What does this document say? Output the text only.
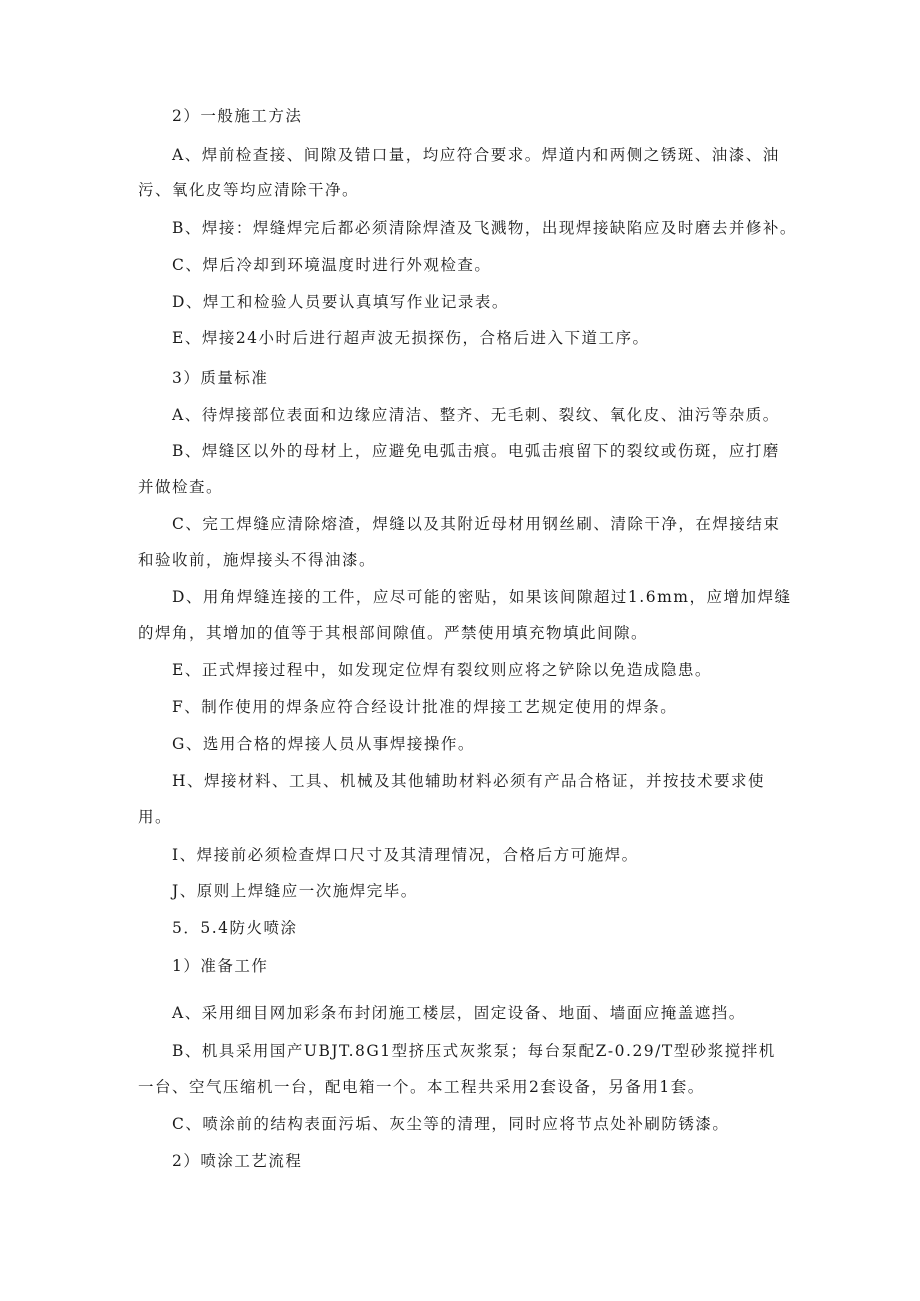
2）一般施工方法
A、焊前检查接、间隙及错口量，均应符合要求。焊道内和两侧之锈斑、油漆、油
污、氧化皮等均应清除干净。
B、焊接：焊缝焊完后都必须清除焊渣及飞溅物，出现焊接缺陷应及时磨去并修补。
C、焊后冷却到环境温度时进行外观检查。
D、焊工和检验人员要认真填写作业记录表。
E、焊接24小时后进行超声波无损探伤，合格后进入下道工序。
3）质量标准
A、待焊接部位表面和边缘应清洁、整齐、无毛刺、裂纹、氧化皮、油污等杂质。
B、焊缝区以外的母材上，应避免电弧击痕。电弧击痕留下的裂纹或伤斑，应打磨
并做检查。
C、完工焊缝应清除熔渣，焊缝以及其附近母材用钢丝刷、清除干净，在焊接结束
和验收前，施焊接头不得油漆。
D、用角焊缝连接的工件，应尽可能的密贴，如果该间隙超过1.6mm，应增加焊缝
的焊角，其增加的值等于其根部间隙值。严禁使用填充物填此间隙。
E、正式焊接过程中，如发现定位焊有裂纹则应将之铲除以免造成隐患。
F、制作使用的焊条应符合经设计批准的焊接工艺规定使用的焊条。
G、选用合格的焊接人员从事焊接操作。
H、焊接材料、工具、机械及其他辅助材料必须有产品合格证，并按技术要求使
用。
I、焊接前必须检查焊口尺寸及其清理情况，合格后方可施焊。
J、原则上焊缝应一次施焊完毕。
5．5.4防火喷涂
1）准备工作
A、采用细目网加彩条布封闭施工楼层，固定设备、地面、墙面应掩盖遮挡。
B、机具采用国产UBJT.8G1型挤压式灰浆泵；每台泵配Z-0.29/T型砂浆搅拌机
一台、空气压缩机一台，配电箱一个。本工程共采用2套设备，另备用1套。
C、喷涂前的结构表面污垢、灰尘等的清理，同时应将节点处补刷防锈漆。
2）喷涂工艺流程
